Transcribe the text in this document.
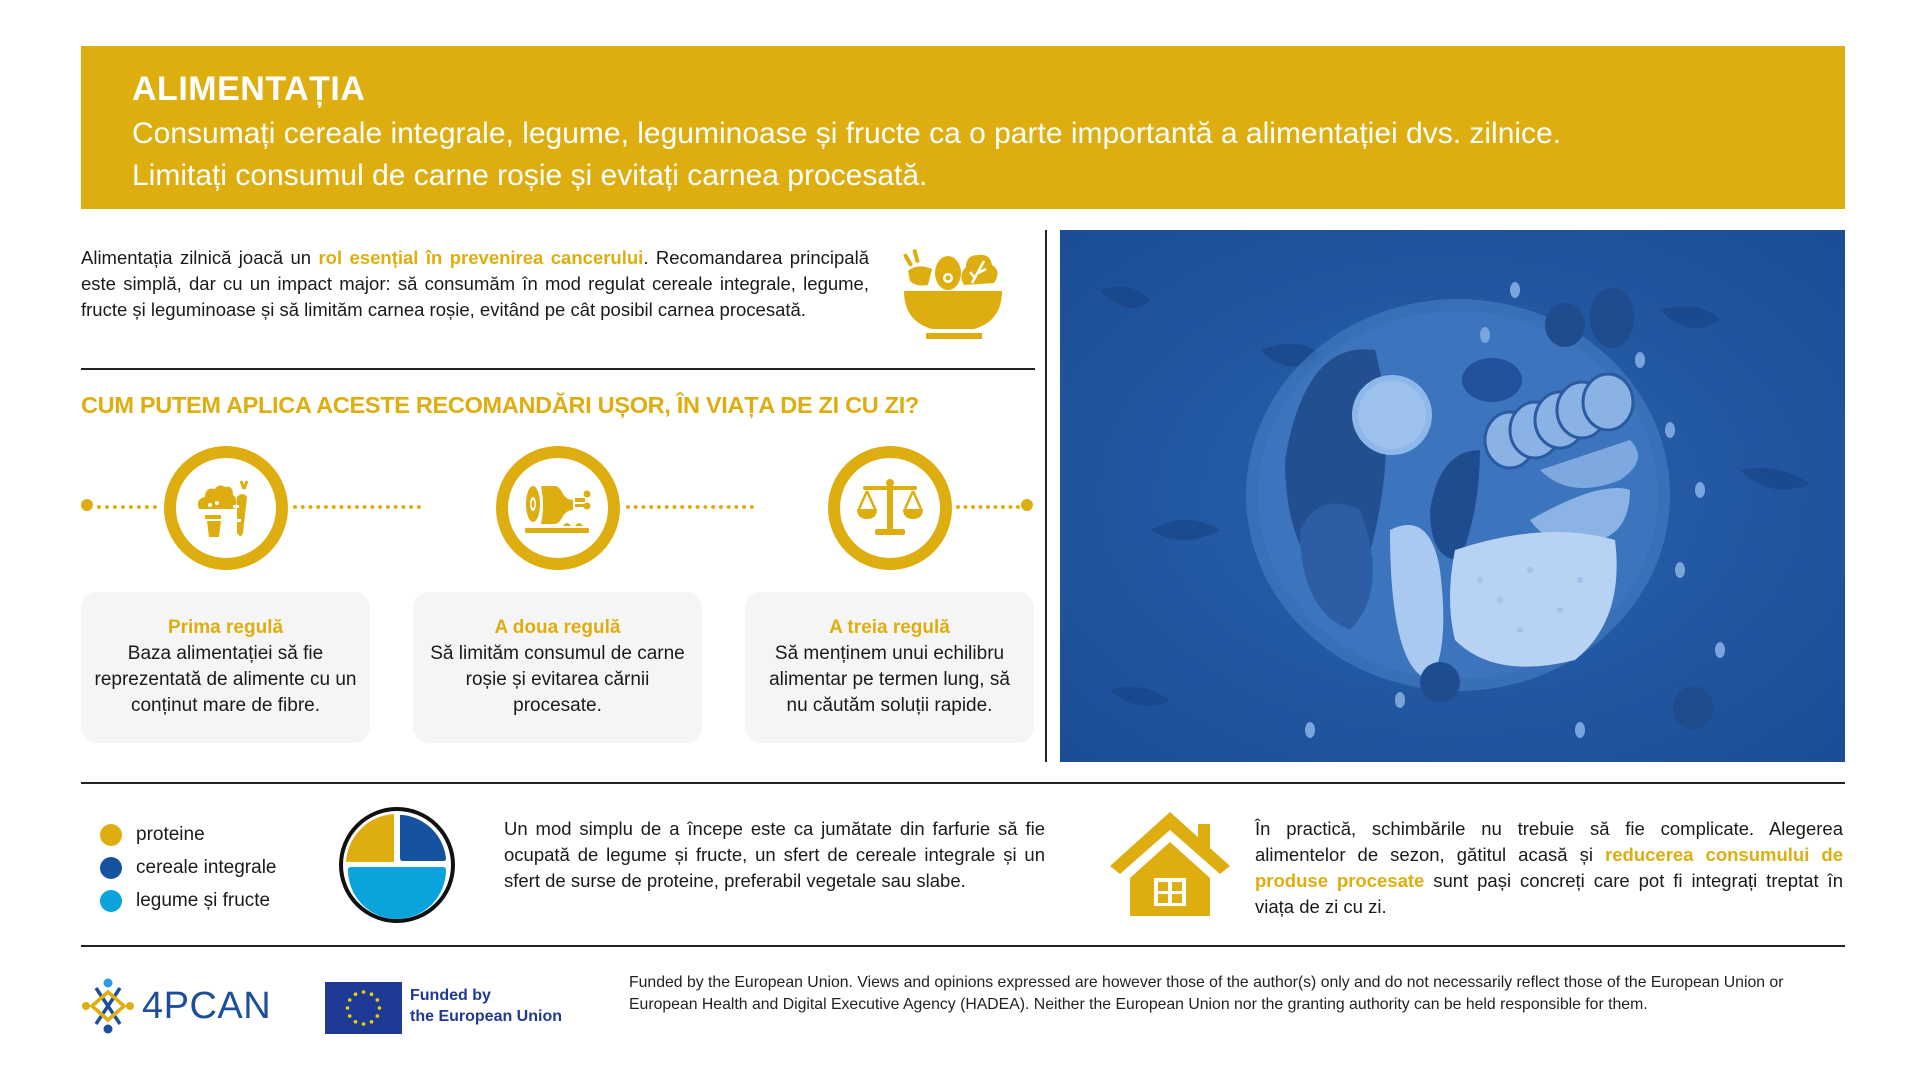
ALIMENTAȚIA
Consumați cereale integrale, legume, leguminoase și fructe ca o parte importantă a alimentației dvs. zilnice.
Limitați consumul de carne roșie și evitați carnea procesată.

Alimentația zilnică joacă un rol esențial în prevenirea cancerului. Recomandarea principală este simplă, dar cu un impact major: să consumăm în mod regulat cereale integrale, legume, fructe și leguminoase și să limităm carnea roșie, evitând pe cât posibil carnea procesată.

CUM PUTEM APLICA ACESTE RECOMANDĂRI UȘOR, ÎN VIAȚA DE ZI CU ZI?
Prima regulă
Baza alimentației să fie reprezentată de alimente cu un conținut mare de fibre.
A doua regulă
Să limităm consumul de carne roșie și evitarea cărnii procesate.
A treia regulă
Să menținem unui echilibru alimentar pe termen lung, să nu căutăm soluții rapide.
proteine
cereale integrale
legume și fructe

Un mod simplu de a începe este ca jumătate din farfurie să fie ocupată de legume și fructe, un sfert de cereale integrale și un sfert de surse de proteine, preferabil vegetale sau slabe.

În practică, schimbările nu trebuie să fie complicate. Alegerea alimentelor de sezon, gătitul acasă și reducerea consumului de produse procesate sunt pași concreți care pot fi integrați treptat în viața de zi cu zi.

4PCAN	Funded by
the European Union

Funded by the European Union. Views and opinions expressed are however those of the author(s) only and do not necessarily reflect those of the European Union or European Health and Digital Executive Agency (HADEA). Neither the European Union nor the granting authority can be held responsible for them.
